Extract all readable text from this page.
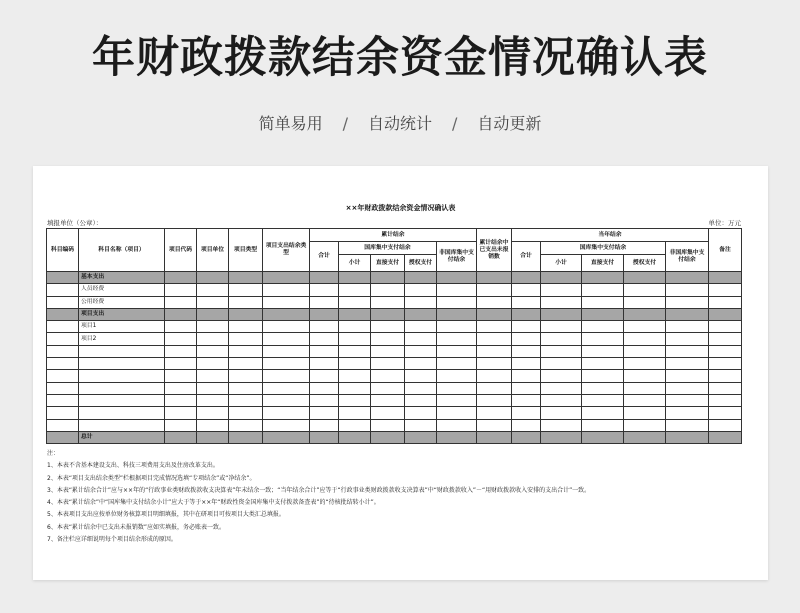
年财政拨款结余资金情况确认表
简单易用 / 自动统计 / 自动更新
××年财政拨款结余资金情况确认表
填报单位（公章）：	单位：万元
科目编码	科目名称（项目）	项目代码	项目单位	项目类型	项目支出结余类型	累计结余					累计结余中已支出未报销数	当年结余					备注
						合计	国库集中支付结余			非国库集中支付结余		合计	国库集中支付结余			非国库集中支付结余	
							小计	直接支付	授权支付				小计	直接支付	授权支付		
	基本支出																
	人员经费																
	公用经费																
	项目支出																
	项目1																
	项目2																

	总计																
注：
1、本表不含基本建设支出、科技三项费用支出及住房改革支出。
2、本表“项目支出结余类型”栏根据项目完成情况选填“专项结余”或“净结余”。
3、本表“累计结余合计”应与××年的“行政事业类财政拨款收支决算表”年末结余一致；“当年结余合计”应等于“行政事业类财政拨款收支决算表”中“财政拨款收入”－“用财政拨款收入安排的支出合计”一致。
4、本表“累计结余”中“国库集中支付结余小计”应大于等于××年“财政性资金国库集中支付拨款备查表”的“待核批结转小计”。
5、本表项目支出应按单位财务核算项目明细填报，其中在研项目可按项目大类汇总填报。
6、本表“累计结余中已支出未报销数”应如实填报，务必账表一致。
7、备注栏应详细说明每个项目结余形成的原因。
